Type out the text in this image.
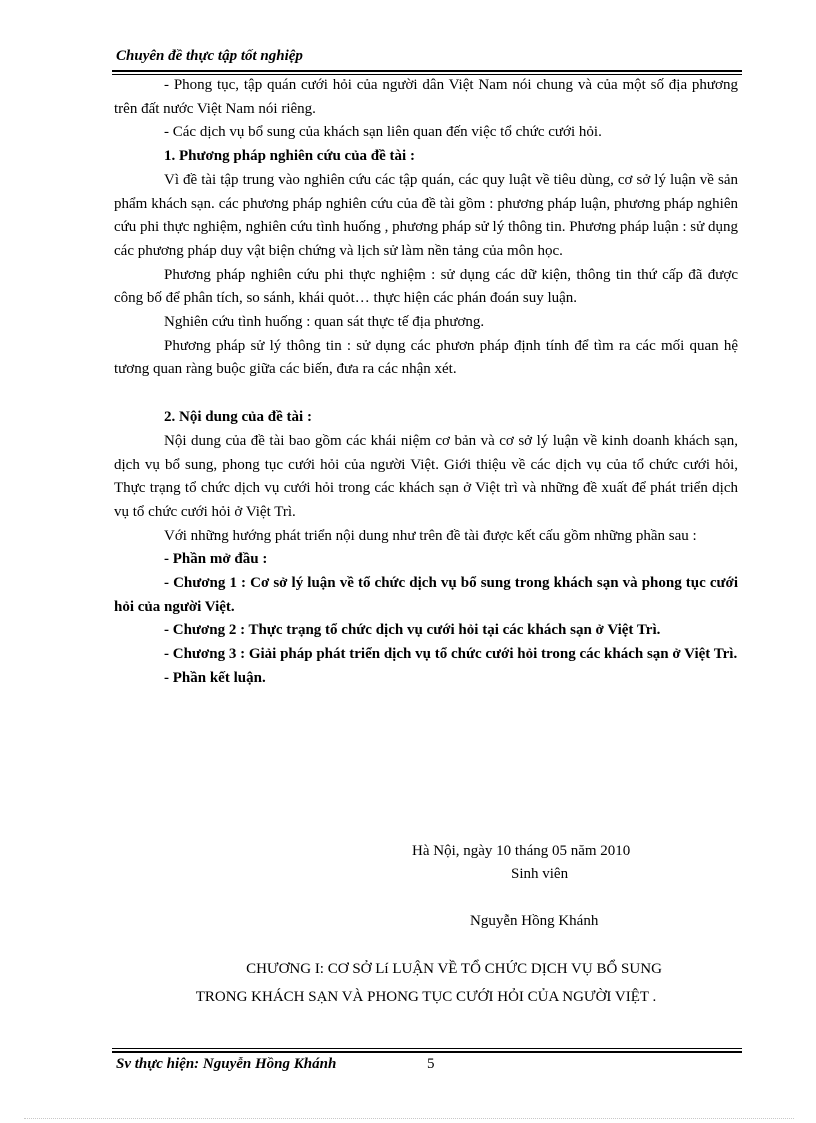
Chuyên đề thực tập tốt nghiệp

- Phong tục, tập quán cưới hỏi của người dân Việt Nam nói chung và của một số địa phương trên đất nước Việt Nam nói riêng.

- Các dịch vụ bổ sung của khách sạn liên quan đến việc tổ chức cưới hỏi.

1. Phương pháp nghiên cứu của đề tài :

Vì đề tài tập trung vào nghiên cứu các tập quán, các quy luật về tiêu dùng, cơ sở lý luận về sản phẩm khách sạn. các phương pháp nghiên cứu của đề tài gồm : phương pháp luận, phương pháp nghiên cứu phi thực nghiệm, nghiên cứu tình huống , phương pháp sử lý thông tin. Phương pháp luận : sử dụng các phương pháp duy vật biện chứng và lịch sử làm nền tảng của môn học.

Phương pháp nghiên cứu phi thực nghiệm : sử dụng các dữ kiện, thông tin thứ cấp đã được công bố để phân tích, so sánh, khái quỏt… thực hiện các phán đoán suy luận.

Nghiên cứu tình huống : quan sát thực tế địa phương.

Phương pháp sử lý thông tin : sử dụng các phươn pháp định tính để tìm ra các mối quan hệ tương quan ràng buộc giữa các biến, đưa ra các nhận xét.

2. Nội dung của đề tài :

Nội dung của đề tài bao gồm các khái niệm cơ bản và cơ sở lý luận về kinh doanh khách sạn, dịch vụ bổ sung, phong tục cưới hỏi của người Việt. Giới thiệu về các dịch vụ của tổ chức cưới hỏi, Thực trạng tổ chức dịch vụ cưới hỏi trong các khách sạn ở Việt trì và những đề xuất để phát triển dịch vụ tổ chức cưới hỏi ở Việt Trì.

Với những hướng phát triển nội dung như trên đề tài được kết cấu gồm những phần sau :

- Phần mở đầu :

- Chương 1 : Cơ sở lý luận về tổ chức dịch vụ bổ sung trong khách sạn và phong tục cưới hỏi của người Việt.

- Chương 2 : Thực trạng tổ chức dịch vụ cưới hỏi tại các khách sạn ở Việt Trì.

- Chương 3 : Giải pháp phát triển dịch vụ tổ chức cưới hỏi trong các khách sạn ở Việt Trì.

- Phần kết luận.

Hà Nội, ngày 10 tháng 05 năm 2010
Sinh viên
Nguyễn Hồng Khánh
CHƯƠNG I: CƠ SỞ Lí LUẬN VỀ TỔ CHỨC DỊCH VỤ BỔ SUNG
TRONG KHÁCH SẠN VÀ PHONG TỤC CƯỚI HỎI CỦA NGƯỜI VIỆT .
Sv thực hiện: Nguyễn Hồng Khánh	5
